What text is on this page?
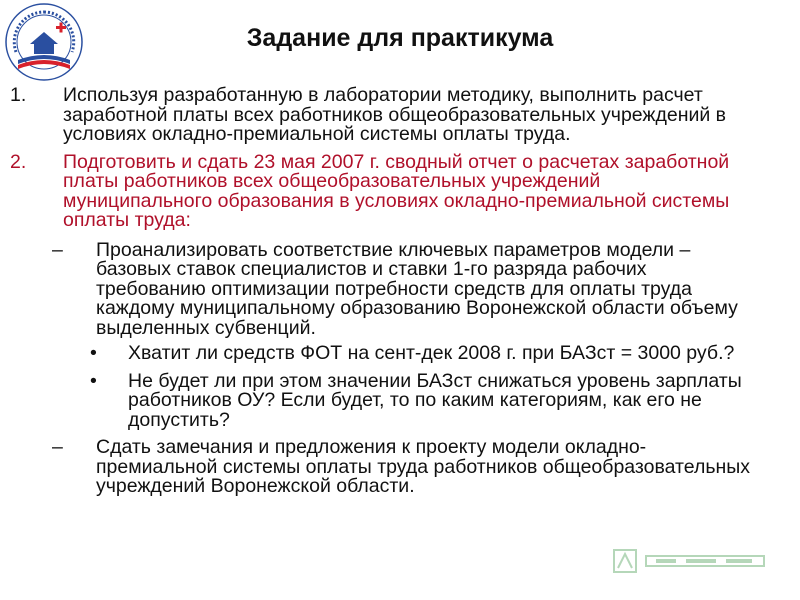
Задание для практикума
1. Используя разработанную в лаборатории методику, выполнить расчет заработной платы всех работников общеобразовательных учреждений в условиях окладно-премиальной системы оплаты труда.
2. Подготовить и сдать 23 мая 2007 г. сводный отчет о расчетах заработной платы работников всех общеобразовательных учреждений муниципального образования в условиях окладно-премиальной системы оплаты труда:
– Проанализировать соответствие ключевых параметров модели – базовых ставок специалистов и ставки 1-го разряда рабочих требованию оптимизации потребности средств для оплаты труда каждому муниципальному образованию Воронежской области объему выделенных субвенций.
• Хватит ли средств ФОТ на сент-дек 2008 г. при БАЗст = 3000 руб.?
• Не будет ли при этом значении БАЗст снижаться уровень зарплаты работников ОУ? Если будет, то по каким категориям, как его не допустить?
– Сдать замечания и предложения к проекту модели окладно-премиальной системы оплаты труда работников общеобразовательных учреждений Воронежской области.
